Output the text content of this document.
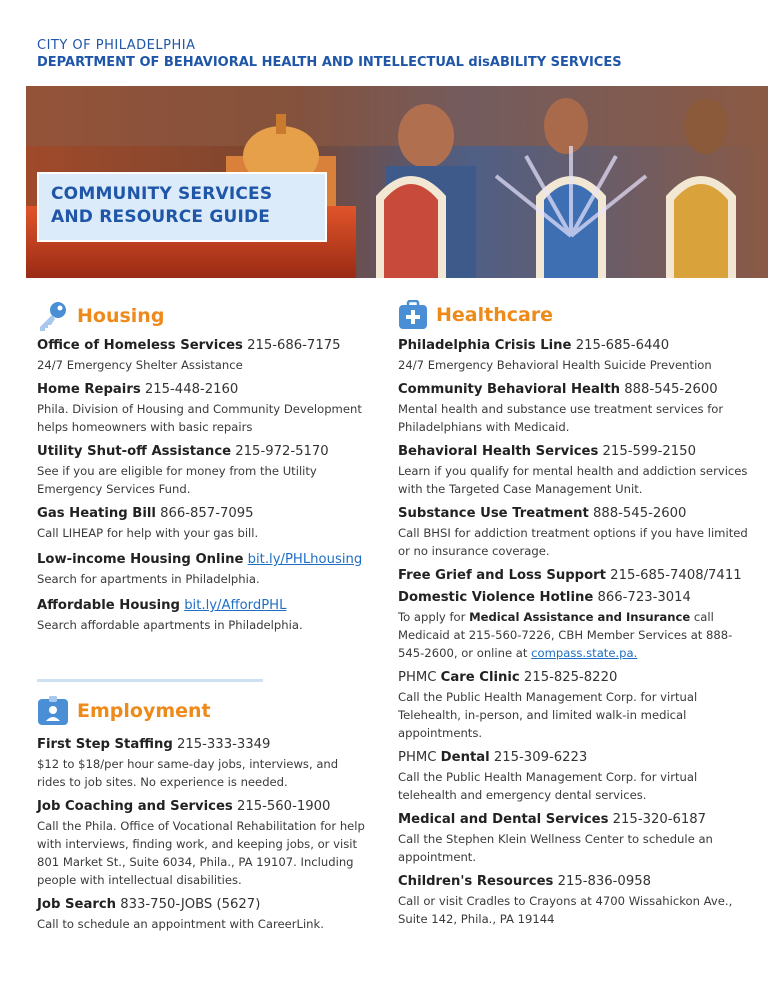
CITY OF PHILADELPHIA
DEPARTMENT OF BEHAVIORAL HEALTH AND INTELLECTUAL disABILITY SERVICES
COMMUNITY SERVICES
AND RESOURCE GUIDE
Housing
Office of Homeless Services 215-686-7175
24/7 Emergency Shelter Assistance
Home Repairs 215-448-2160
Phila. Division of Housing and Community Development helps homeowners with basic repairs
Utility Shut-off Assistance 215-972-5170
See if you are eligible for money from the Utility Emergency Services Fund.
Gas Heating Bill 866-857-7095
Call LIHEAP for help with your gas bill.
Low-income Housing Online bit.ly/PHLhousing
Search for apartments in Philadelphia.
Affordable Housing bit.ly/AffordPHL
Search affordable apartments in Philadelphia.
Employment
First Step Staffing 215-333-3349
$12 to $18/per hour same-day jobs, interviews, and rides to job sites. No experience is needed.
Job Coaching and Services 215-560-1900
Call the Phila. Office of Vocational Rehabilitation for help with interviews, finding work, and keeping jobs, or visit 801 Market St., Suite 6034, Phila., PA 19107. Including people with intellectual disabilities.
Job Search 833-750-JOBS (5627)
Call to schedule an appointment with CareerLink.
Healthcare
Philadelphia Crisis Line 215-685-6440
24/7 Emergency Behavioral Health Suicide Prevention
Community Behavioral Health 888-545-2600
Mental health and substance use treatment services for Philadelphians with Medicaid.
Behavioral Health Services 215-599-2150
Learn if you qualify for mental health and addiction services with the Targeted Case Management Unit.
Substance Use Treatment 888-545-2600
Call BHSI for addiction treatment options if you have limited or no insurance coverage.
Free Grief and Loss Support 215-685-7408/7411
Domestic Violence Hotline 866-723-3014
To apply for Medical Assistance and Insurance call Medicaid at 215-560-7226, CBH Member Services at 888-545-2600, or online at compass.state.pa.
PHMC Care Clinic 215-825-8220
Call the Public Health Management Corp. for virtual Telehealth, in-person, and limited walk-in medical appointments.
PHMC Dental 215-309-6223
Call the Public Health Management Corp. for virtual telehealth and emergency dental services.
Medical and Dental Services 215-320-6187
Call the Stephen Klein Wellness Center to schedule an appointment.
Children's Resources 215-836-0958
Call or visit Cradles to Crayons at 4700 Wissahickon Ave., Suite 142, Phila., PA 19144
